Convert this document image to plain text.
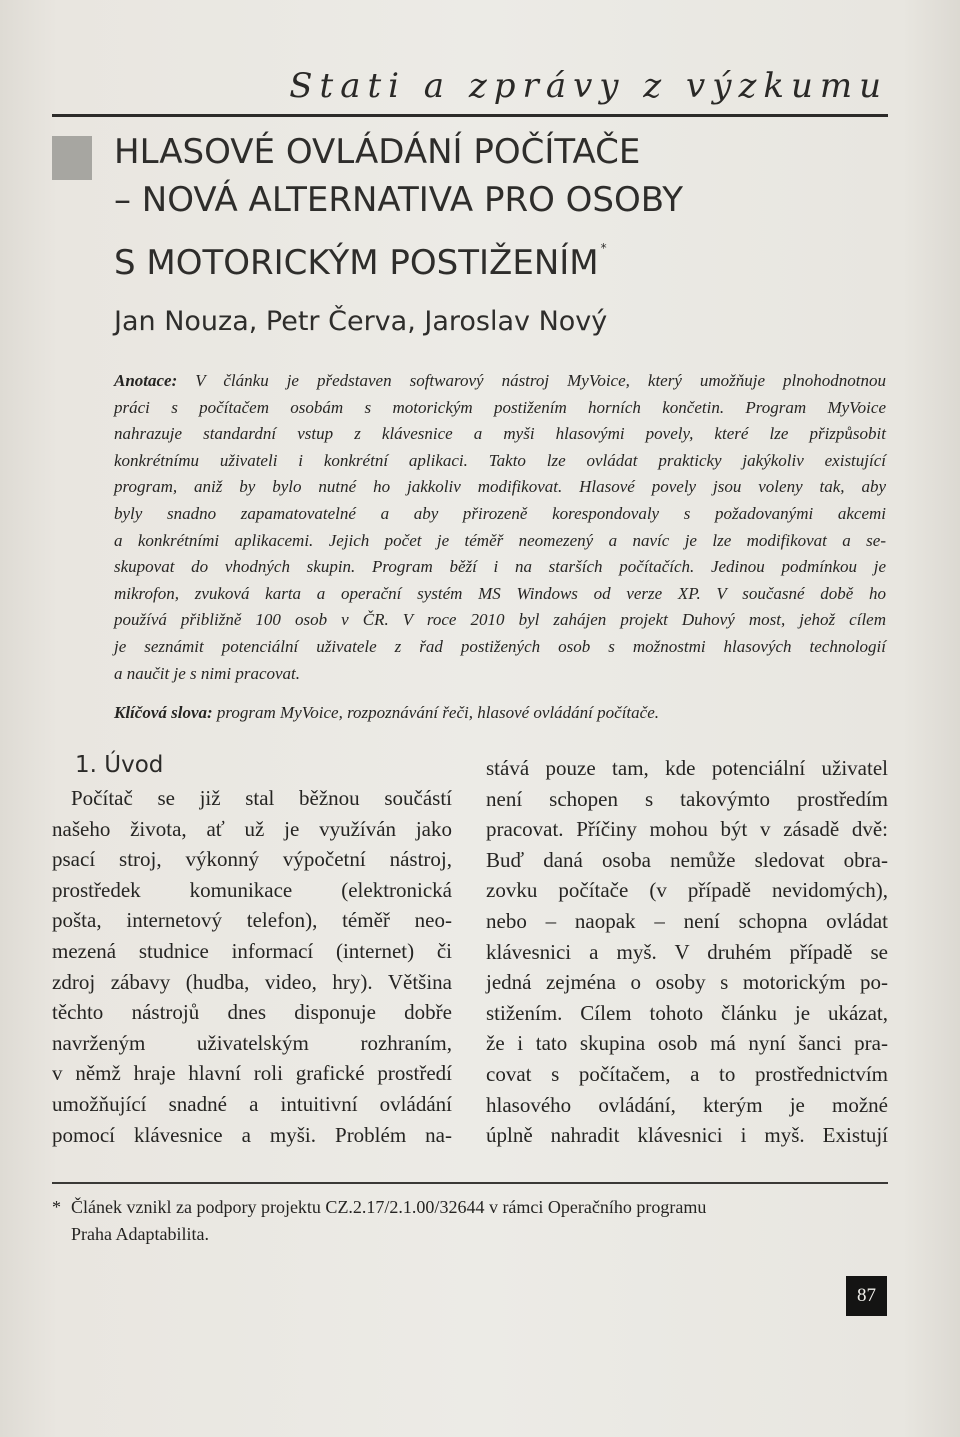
Stati a zprávy z výzkumu
HLASOVÉ OVLÁDÁNÍ POČÍTAČE
– NOVÁ ALTERNATIVA PRO OSOBY
S MOTORICKÝM POSTIŽENÍM *
Jan Nouza, Petr Červa, Jaroslav Nový
Anotace: V článku je představen softwarový nástroj MyVoice, který umožňuje plnohodnotnou
práci s počítačem osobám s motorickým postižením horních končetin. Program MyVoice
nahrazuje standardní vstup z klávesnice a myši hlasovými povely, které lze přizpůsobit
konkrétnímu uživateli i konkrétní aplikaci. Takto lze ovládat prakticky jakýkoliv existující
program, aniž by bylo nutné ho jakkoliv modifikovat. Hlasové povely jsou voleny tak, aby
byly snadno zapamatovatelné a aby přirozeně korespondovaly s požadovanými akcemi
a konkrétními aplikacemi. Jejich počet je téměř neomezený a navíc je lze modifikovat a se-
skupovat do vhodných skupin. Program běží i na starších počítačích. Jedinou podmínkou je
mikrofon, zvuková karta a operační systém MS Windows od verze XP. V současné době ho
používá přibližně 100 osob v ČR. V roce 2010 byl zahájen projekt Duhový most, jehož cílem
je seznámit potenciální uživatele z řad postižených osob s možnostmi hlasových technologií
a naučit je s nimi pracovat.
Klíčová slova: program MyVoice, rozpoznávání řeči, hlasové ovládání počítače.
1. Úvod
Počítač se již stal běžnou součástí
našeho života, ať už je využíván jako
psací stroj, výkonný výpočetní nástroj,
prostředek komunikace (elektronická
pošta, internetový telefon), téměř neo-
mezená studnice informací (internet) či
zdroj zábavy (hudba, video, hry). Většina
těchto nástrojů dnes disponuje dobře
navrženým uživatelským rozhraním,
v němž hraje hlavní roli grafické prostředí
umožňující snadné a intuitivní ovládání
pomocí klávesnice a myši. Problém na-
stává pouze tam, kde potenciální uživatel
není schopen s takovýmto prostředím
pracovat. Příčiny mohou být v zásadě dvě:
Buď daná osoba nemůže sledovat obra-
zovku počítače (v případě nevidomých),
nebo – naopak – není schopna ovládat
klávesnici a myš. V druhém případě se
jedná zejména o osoby s motorickým po-
stižením. Cílem tohoto článku je ukázat,
že i tato skupina osob má nyní šanci pra-
covat s počítačem, a to prostřednictvím
hlasového ovládání, kterým je možné
úplně nahradit klávesnici i myš. Existují
* Článek vznikl za podpory projektu CZ.2.17/2.1.00/32644 v rámci Operačního programu
Praha Adaptabilita.
87
